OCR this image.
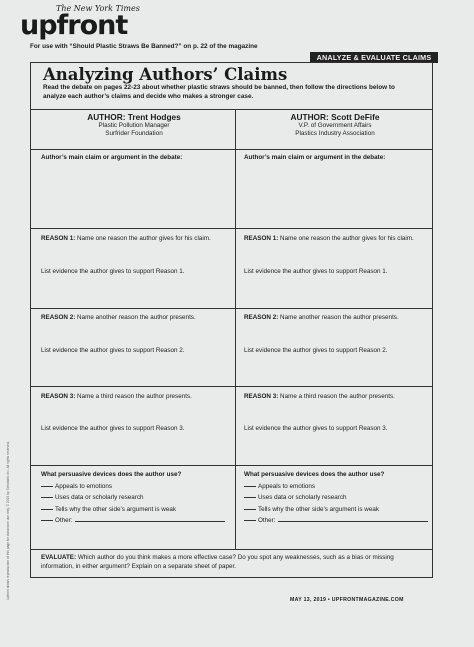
The New York Times
upfront
For use with “Should Plastic Straws Be Banned?” on p. 22 of the magazine
ANALYZE & EVALUATE CLAIMS
Analyzing Authors’ Claims
Read the debate on pages 22-23 about whether plastic straws should be banned, then follow the directions below to analyze each author’s claims and decide who makes a stronger case.
AUTHOR: Trent Hodges
Plastic Pollution Manager
Surfrider Foundation
AUTHOR: Scott DeFife
V.P. of Government Affairs
Plastics Industry Association
Author’s main claim or argument in the debate:	Author’s main claim or argument in the debate:
REASON 1: Name one reason the author gives for his claim.
List evidence the author gives to support Reason 1.
REASON 1: Name one reason the author gives for his claim.
List evidence the author gives to support Reason 1.
REASON 2: Name another reason the author presents.
List evidence the author gives to support Reason 2.
REASON 2: Name another reason the author presents.
List evidence the author gives to support Reason 2.
REASON 3: Name a third reason the author presents.
List evidence the author gives to support Reason 3.
REASON 3: Name a third reason the author presents.
List evidence the author gives to support Reason 3.
What persuasive devices does the author use?
Appeals to emotions
Uses data or scholarly research
Tells why the other side’s argument is weak
Other:
What persuasive devices does the author use?
Appeals to emotions
Uses data or scholarly research
Tells why the other side’s argument is weak
Other:
EVALUATE: Which author do you think makes a more effective case? Do you spot any weaknesses, such as a bias or missing information, in either argument? Explain on a separate sheet of paper.
MAY 13, 2019 • UPFRONTMAGAZINE.COM
Upfront allows reproduction of this page for classroom use only. © 2019 by Scholastic Inc. All rights reserved.
